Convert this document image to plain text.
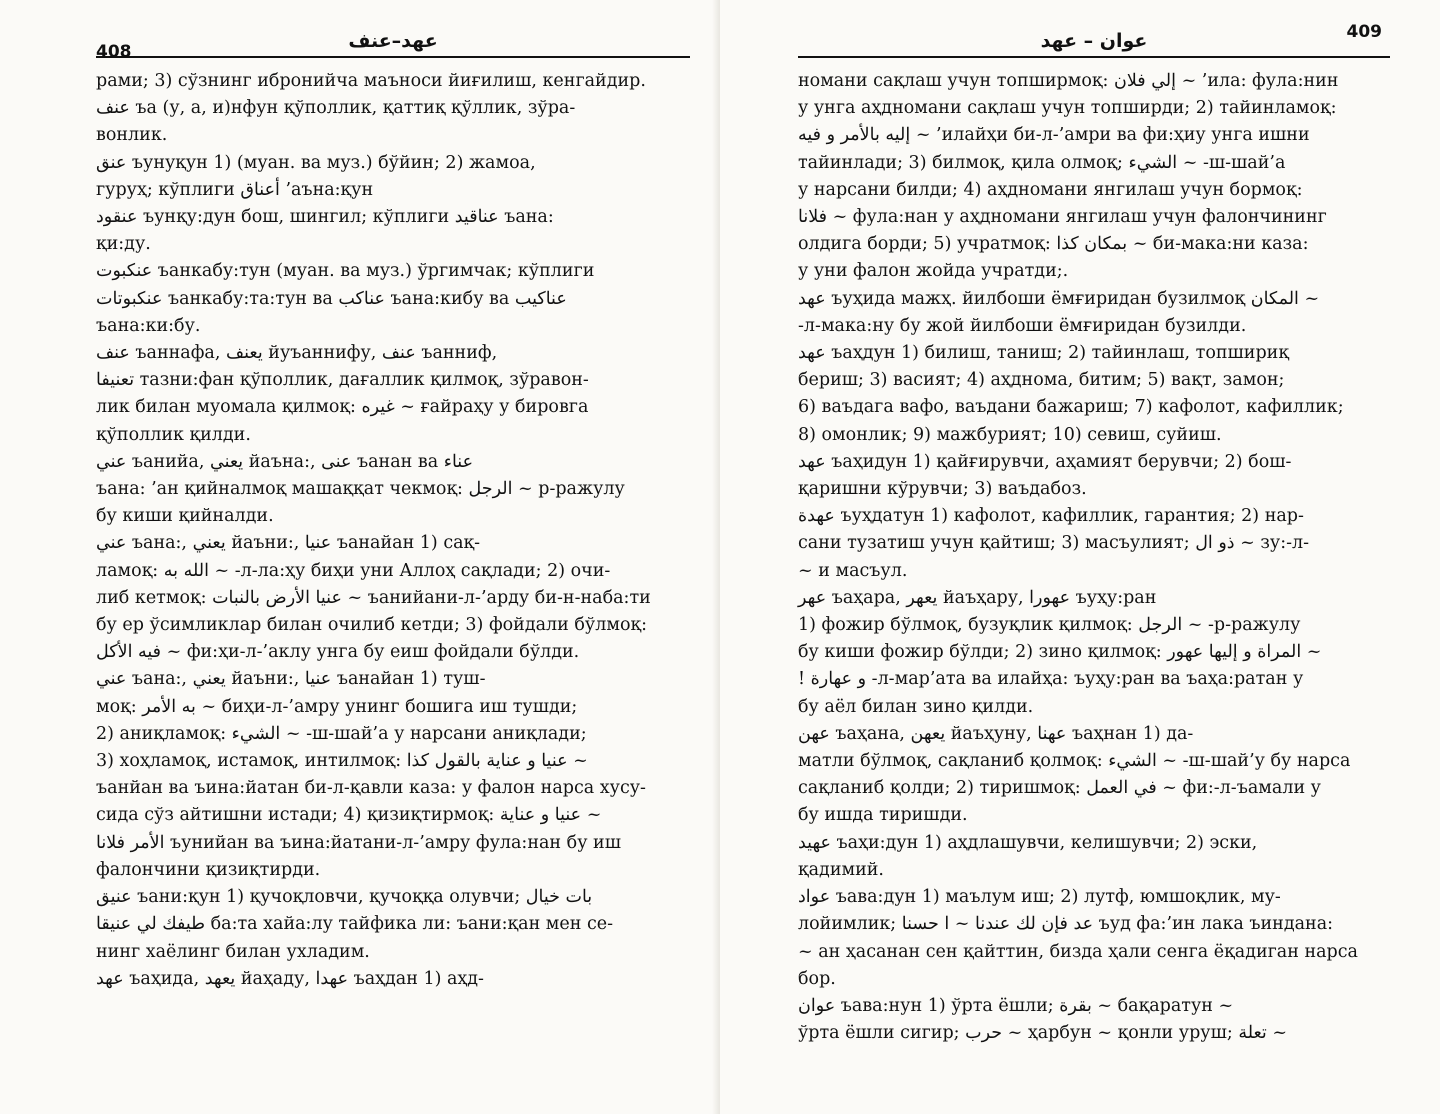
408	عهد–عنف

рами; 3) сўзнинг ибронийча маъноси йиғилиш, кенгайдир.

عنف ъа (у, а, и)нфун қўполлик, қаттиқ қўллик, зўра-

вонлик.

عنق ъунуқун 1) (муан. ва муз.) бўйин; 2) жамоа,

гуруҳ; кўплиги أعناق ’аъна:қун

عنقود ъунқу:дун бош, шингил; кўплиги عناقيد ъана:

қи:ду.

عنكبوت ъанкабу:тун (муан. ва муз.) ўргимчак; кўплиги

عنكبوتات ъанкабу:та:тун ва عناكب ъана:кибу ва عناكيب

ъана:ки:бу.

عنف ъаннафа, يعنف йуъаннифу, عنف ъанниф,

تعنيفا тазни:фан қўполлик, дағаллик қилмоқ, зўравон-

лик билан муомала қилмоқ: غيره ~ ғайраҳу у бировга

қўполлик қилди.

عني ъанийа, يعني йаъна:, عنى ъанан ва عناء

ъана: ’ан қийналмоқ машаққат чекмоқ: الرجل ~ р-ражулу

бу киши қийналди.

عني ъана:, يعني йаъни:, عنيا ъанайан 1) сақ-

ламоқ: الله به ~ -л-ла:ҳу биҳи уни Аллоҳ сақлади; 2) очи-

либ кетмоқ: عنيا الأرض بالنبات ~ ъанийани-л-’арду би-н-наба:ти

бу ер ўсимликлар билан очилиб кетди; 3) фойдали бўлмоқ:

فيه الأكل ~ фи:ҳи-л-’аклу унга бу еиш фойдали бўлди.

عني ъана:, يعني йаъни:, عنيا ъанайан 1) туш-

моқ: به الأمر ~ биҳи-л-’амру унинг бошига иш тушди;

2) аниқламоқ: الشيء ~ -ш-шай’а у нарсани аниқлади;

3) хоҳламоқ, истамоқ, интилмоқ: عنيا و عناية بالقول كذا ~

ъанйан ва ъина:йатан би-л-қавли каза: у фалон нарса хусу-

сида сўз айтишни истади; 4) қизиқтирмоқ: عنيا و عناية ~

الأمر فلانا ъунийан ва ъина:йатани-л-’амру фула:нан бу иш

фалончини қизиқтирди.

عنيق ъани:қун 1) қучоқловчи, қучоққа олувчи; بات خيال

طيفك لي عنيقا ба:та хайа:лу тайфика ли: ъани:қан мен се-

нинг хаёлинг билан ухладим.

عهد ъаҳида, يعهد йаҳаду, عهدا ъаҳдан 1) аҳд-

409
عوان – عهد

номани сақлаш учун топширмоқ: إلي فلان ~ ’ила: фула:нин

у унга аҳдномани сақлаш учун топширди; 2) тайинламоқ:

إليه بالأمر و فيه ~ ’илайҳи би-л-’амри ва фи:ҳиу унга ишни

тайинлади; 3) билмоқ, қила олмоқ; الشيء ~ -ш-шай’а

у нарсани билди; 4) аҳдномани янгилаш учун бормоқ:

فلانا ~ фула:нан у аҳдномани янгилаш учун фалончининг

олдига борди; 5) учратмоқ: بمكان كذا ~ би-мака:ни каза:

у уни фалон жойда учратди;.

عهد ъуҳида мажҳ. йилбоши ёмғиридан бузилмоқ المكان ~

-л-мака:ну бу жой йилбоши ёмғиридан бузилди.

عهد ъаҳдун 1) билиш, таниш; 2) тайинлаш, топшириқ

бериш; 3) васият; 4) аҳднома, битим; 5) вақт, замон;

6) ваъдага вафо, ваъдани бажариш; 7) кафолот, кафиллик;

8) омонлик; 9) мажбурият; 10) севиш, суйиш.

عهد ъаҳидун 1) қайғирувчи, аҳамият берувчи; 2) бош-

қаришни кўрувчи; 3) ваъдабоз.

عهدة ъуҳдатун 1) кафолот, кафиллик, гарантия; 2) нар-

сани тузатиш учун қайтиш; 3) масъулият; ذو ال ~ зу:-л-

~ и масъул.

عهر ъаҳара, يعهر йаъҳару, عهورا ъуҳу:ран

1) фожир бўлмоқ, бузуқлик қилмоқ: الرجل ~ -р-ражулу

бу киши фожир бўлди; 2) зино қилмоқ: المراة و إليها عهور ~

! و عهارة -л-мар’ата ва илайҳа: ъуҳу:ран ва ъаҳа:ратан у

бу аёл билан зино қилди.

عهن ъаҳана, يعهن йаъҳуну, عهنا ъаҳнан 1) да-

матли бўлмоқ, сақланиб қолмоқ: الشيء ~ -ш-шай’у бу нарса

сақланиб қолди; 2) тиришмоқ: في العمل ~ фи:-л-ъамали у

бу ишда тиришди.

عهيد ъаҳи:дун 1) аҳдлашувчи, келишувчи; 2) эски,

қадимий.

عواد ъава:дун 1) маълум иш; 2) лутф, юмшоқлик, му-

лойимлик; عد فإن لك عندنا ~ ا حسنا ъуд фа:’ин лака ъиндана:

~ ан ҳасанан сен қайттин, бизда ҳали сенга ёқадиган нарса

бор.

عوان ъава:нун 1) ўрта ёшли; بقرة ~ бақаратун ~

ўрта ёшли сигир; حرب ~ ҳарбун ~ қонли уруш; تعلة ~
